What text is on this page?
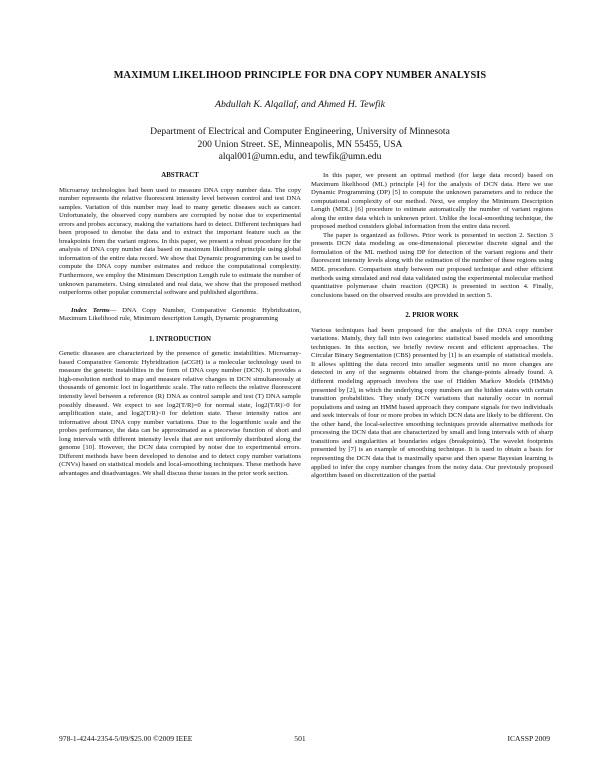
MAXIMUM LIKELIHOOD PRINCIPLE FOR DNA COPY NUMBER ANALYSIS
Abdullah K. Alqallaf, and Ahmed H. Tewfik
Department of Electrical and Computer Engineering, University of Minnesota
200 Union Street. SE, Minneapolis, MN 55455, USA
alqal001@umn.edu, and tewfik@umn.edu
ABSTRACT

Microarray technologies had been used to measure DNA copy number data. The copy number represents the relative fluorescent intensity level between control and test DNA samples. Variation of this number may lead to many genetic diseases such as cancer. Unfortunately, the observed copy numbers are corrupted by noise due to experimental errors and probes accuracy, making the variations hard to detect. Different techniques had been proposed to denoise the data and to extract the important feature such as the breakpoints from the variant regions. In this paper, we present a robust procedure for the analysis of DNA copy number data based on maximum likelihood principle using global information of the entire data record. We show that Dynamic programming can be used to compute the DNA copy number estimates and reduce the computational complexity. Furthermore, we employ the Minimum Description Length rule to estimate the number of unknown parameters. Using simulated and real data, we show that the proposed method outperforms other popular commercial software and published algorithms.

Index Terms— DNA Copy Number, Comparative Genomic Hybridization, Maximum Likelihood rule, Minimum description Length, Dynamic programming

1. INTRODUCTION

Genetic diseases are characterized by the presence of genetic instabilities. Microarray-based Comparative Genomic Hybridization (aCGH) is a molecular technology used to measure the genetic instabilities in the form of DNA copy number (DCN). It provides a high-resolution method to map and measure relative changes in DCN simultaneously at thousands of genomic loci in logarithmic scale. The ratio reflects the relative fluorescent intensity level between a reference (R) DNA as control sample and test (T) DNA sample possibly diseased. We expect to see log2(T/R)=0 for normal state, log2(T/R)>0 for amplification state, and log2(T/R)<0 for deletion state. These intensity ratios are informative about DNA copy number variations. Due to the logarithmic scale and the probes performance, the data can be approximated as a piecewise function of short and long intervals with different intensity levels that are not uniformly distributed along the genome [10]. However, the DCN data corrupted by noise due to experimental errors. Different methods have been developed to denoise and to detect copy number variations (CNVs) based on statistical models and local-smoothing techniques. These methods have advantages and disadvantages. We shall discuss these issues in the prior work section.

In this paper, we present an optimal method (for large data record) based on Maximum likelihood (ML) principle [4] for the analysis of DCN data. Here we use Dynamic Programming (DP) [5] to compute the unknown parameters and to reduce the computational complexity of our method. Next, we employ the Minimum Description Length (MDL) [6] procedure to estimate automatically the number of variant regions along the entire data which is unknown priori. Unlike the local-smoothing technique, the proposed method considers global information from the entire data record.

The paper is organized as follows. Prior work is presented in section 2. Section 3 presents DCN data modeling as one-dimensional piecewise discrete signal and the formulation of the ML method using DP for detection of the variant regions and their fluorescent intensity levels along with the estimation of the number of these regions using MDL procedure. Comparison study between our proposed technique and other efficient methods using simulated and real data validated using the experimental molecular method quantitative polymerase chain reaction (QPCR) is presented in section 4. Finally, conclusions based on the observed results are provided in section 5.

2. PRIOR WORK

Various techniques had been proposed for the analysis of the DNA copy number variations. Mainly, they fall into two categories: statistical based models and smoothing techniques. In this section, we briefly review recent and efficient approaches. The Circular Binary Segmentation (CBS) presented by [1] is an example of statistical models. It allows splitting the data record into smaller segments until no more changes are detected in any of the segments obtained from the change-points already found. A different modeling approach involves the use of Hidden Markov Models (HMMs) presented by [2], in which the underlying copy numbers are the hidden states with certain transition probabilities. They study DCN variations that naturally occur in normal populations and using an HMM based approach they compare signals for two individuals and seek intervals of four or more probes in which DCN data are likely to be different. On the other hand, the local-selective smoothing techniques provide alternative methods for processing the DCN data that are characterized by small and long intervals with of sharp transitions and singularities at boundaries edges (breakpoints). The wavelet footprints presented by [7] is an example of smoothing technique. It is used to obtain a basis for representing the DCN data that is maximally sparse and then sparse Bayesian learning is applied to infer the copy number changes from the noisy data. Our previously proposed algorithm based on discretization of the partial

978-1-4244-2354-5/09/$25.00 ©2009 IEEE	501	ICASSP 2009
